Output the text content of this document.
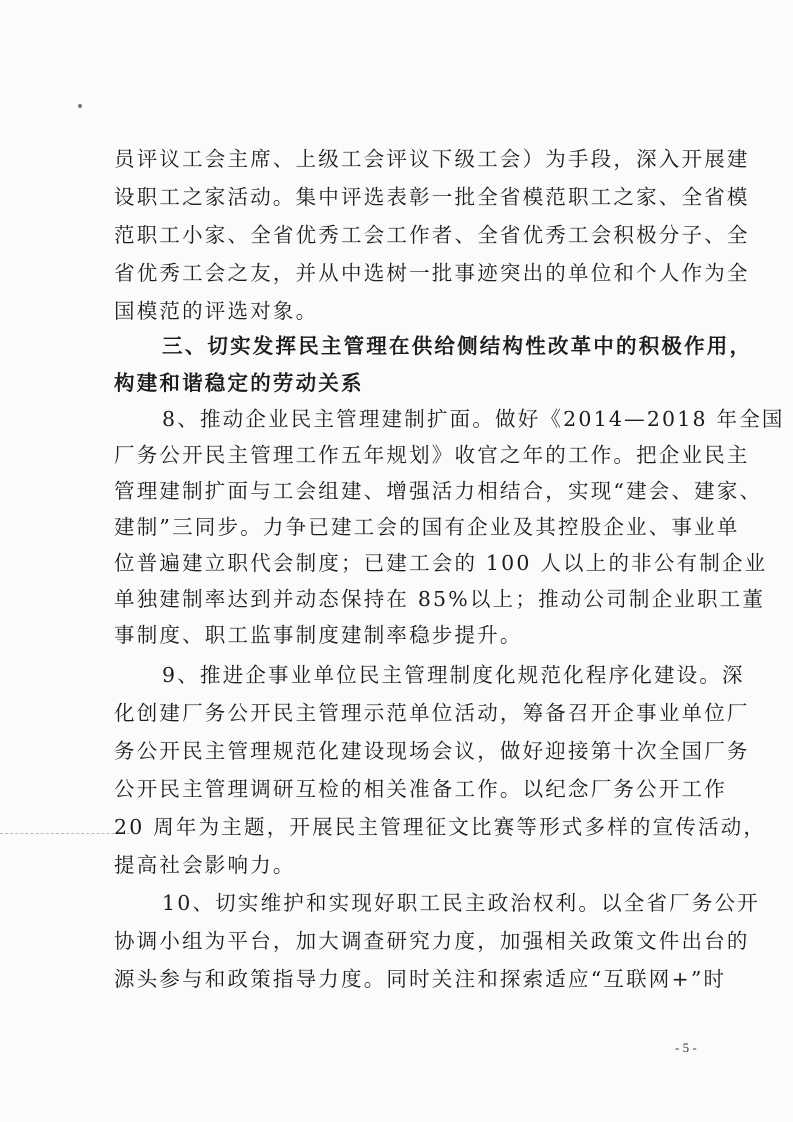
员评议工会主席、上级工会评议下级工会）为手段，深入开展建
设职工之家活动。集中评选表彰一批全省模范职工之家、全省模
范职工小家、全省优秀工会工作者、全省优秀工会积极分子、全
省优秀工会之友，并从中选树一批事迹突出的单位和个人作为全
国模范的评选对象。
三、切实发挥民主管理在供给侧结构性改革中的积极作用，
构建和谐稳定的劳动关系
8、推动企业民主管理建制扩面。做好《2014—2018 年全国
厂务公开民主管理工作五年规划》收官之年的工作。把企业民主
管理建制扩面与工会组建、增强活力相结合，实现“建会、建家、
建制”三同步。力争已建工会的国有企业及其控股企业、事业单
位普遍建立职代会制度；已建工会的 100 人以上的非公有制企业
单独建制率达到并动态保持在 85%以上；推动公司制企业职工董
事制度、职工监事制度建制率稳步提升。
9、推进企事业单位民主管理制度化规范化程序化建设。深
化创建厂务公开民主管理示范单位活动，筹备召开企事业单位厂
务公开民主管理规范化建设现场会议，做好迎接第十次全国厂务
公开民主管理调研互检的相关准备工作。以纪念厂务公开工作
20 周年为主题，开展民主管理征文比赛等形式多样的宣传活动，
提高社会影响力。
10、切实维护和实现好职工民主政治权利。以全省厂务公开
协调小组为平台，加大调查研究力度，加强相关政策文件出台的
源头参与和政策指导力度。同时关注和探索适应“互联网+”时
- 5 -
